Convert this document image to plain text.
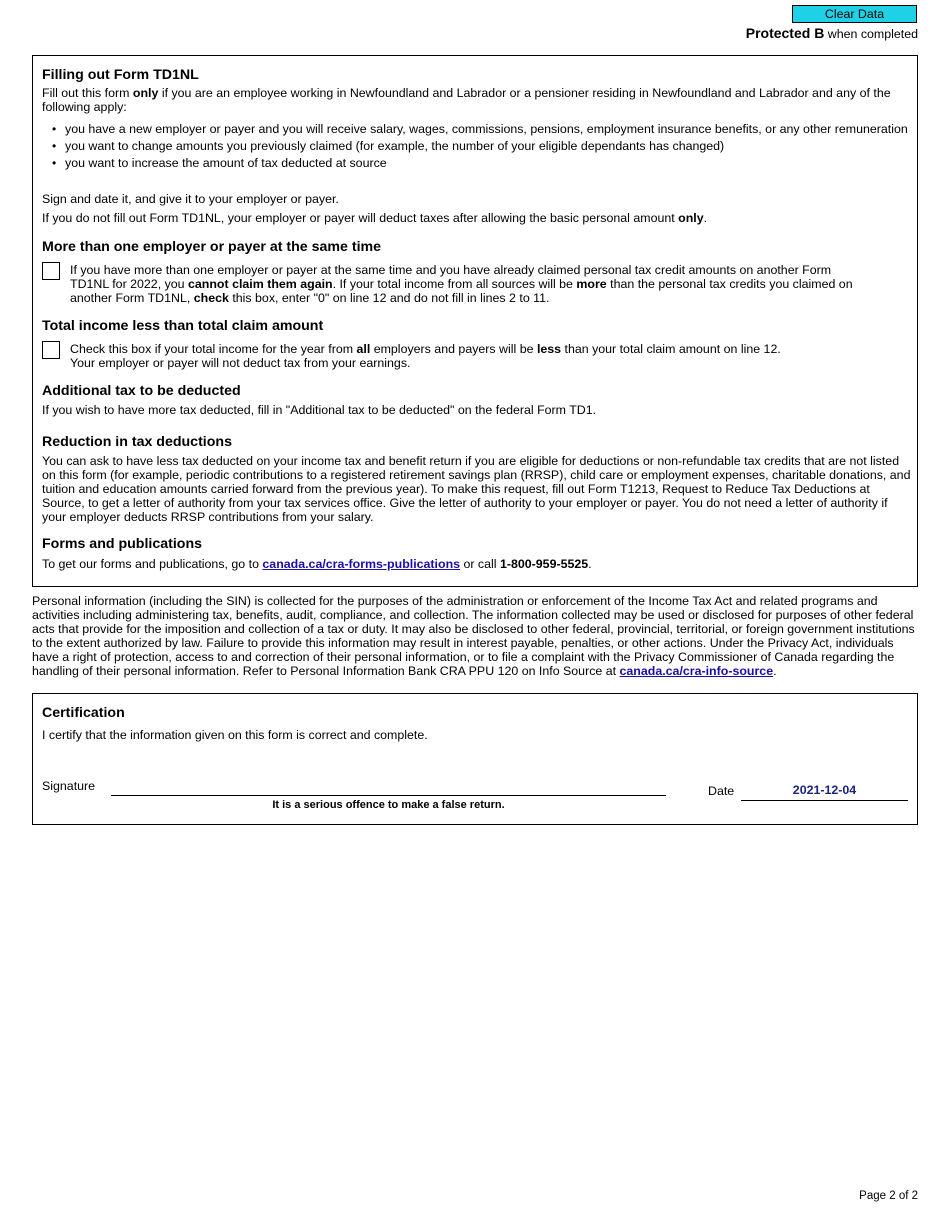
Clear Data
Protected B when completed
Filling out Form TD1NL

Fill out this form only if you are an employee working in Newfoundland and Labrador or a pensioner residing in Newfoundland and Labrador and any of the following apply:

• you have a new employer or payer and you will receive salary, wages, commissions, pensions, employment insurance benefits, or any other remuneration
• you want to change amounts you previously claimed (for example, the number of your eligible dependants has changed)
• you want to increase the amount of tax deducted at source

Sign and date it, and give it to your employer or payer.

If you do not fill out Form TD1NL, your employer or payer will deduct taxes after allowing the basic personal amount only.

More than one employer or payer at the same time

If you have more than one employer or payer at the same time and you have already claimed personal tax credit amounts on another Form TD1NL for 2022, you cannot claim them again. If your total income from all sources will be more than the personal tax credits you claimed on another Form TD1NL, check this box, enter "0" on line 12 and do not fill in lines 2 to 11.

Total income less than total claim amount

Check this box if your total income for the year from all employers and payers will be less than your total claim amount on line 12.
Your employer or payer will not deduct tax from your earnings.

Additional tax to be deducted

If you wish to have more tax deducted, fill in "Additional tax to be deducted" on the federal Form TD1.

Reduction in tax deductions

You can ask to have less tax deducted on your income tax and benefit return if you are eligible for deductions or non-refundable tax credits that are not listed on this form (for example, periodic contributions to a registered retirement savings plan (RRSP), child care or employment expenses, charitable donations, and tuition and education amounts carried forward from the previous year). To make this request, fill out Form T1213, Request to Reduce Tax Deductions at Source, to get a letter of authority from your tax services office. Give the letter of authority to your employer or payer. You do not need a letter of authority if your employer deducts RRSP contributions from your salary.

Forms and publications

To get our forms and publications, go to canada.ca/cra-forms-publications or call 1-800-959-5525.

Personal information (including the SIN) is collected for the purposes of the administration or enforcement of the Income Tax Act and related programs and activities including administering tax, benefits, audit, compliance, and collection. The information collected may be used or disclosed for purposes of other federal acts that provide for the imposition and collection of a tax or duty. It may also be disclosed to other federal, provincial, territorial, or foreign government institutions to the extent authorized by law. Failure to provide this information may result in interest payable, penalties, or other actions. Under the Privacy Act, individuals have a right of protection, access to and correction of their personal information, or to file a complaint with the Privacy Commissioner of Canada regarding the handling of their personal information. Refer to Personal Information Bank CRA PPU 120 on Info Source at canada.ca/cra-info-source.

Certification

I certify that the information given on this form is correct and complete.

Signature
It is a serious offence to make a false return.
Date	2021-12-04
Page 2 of 2
